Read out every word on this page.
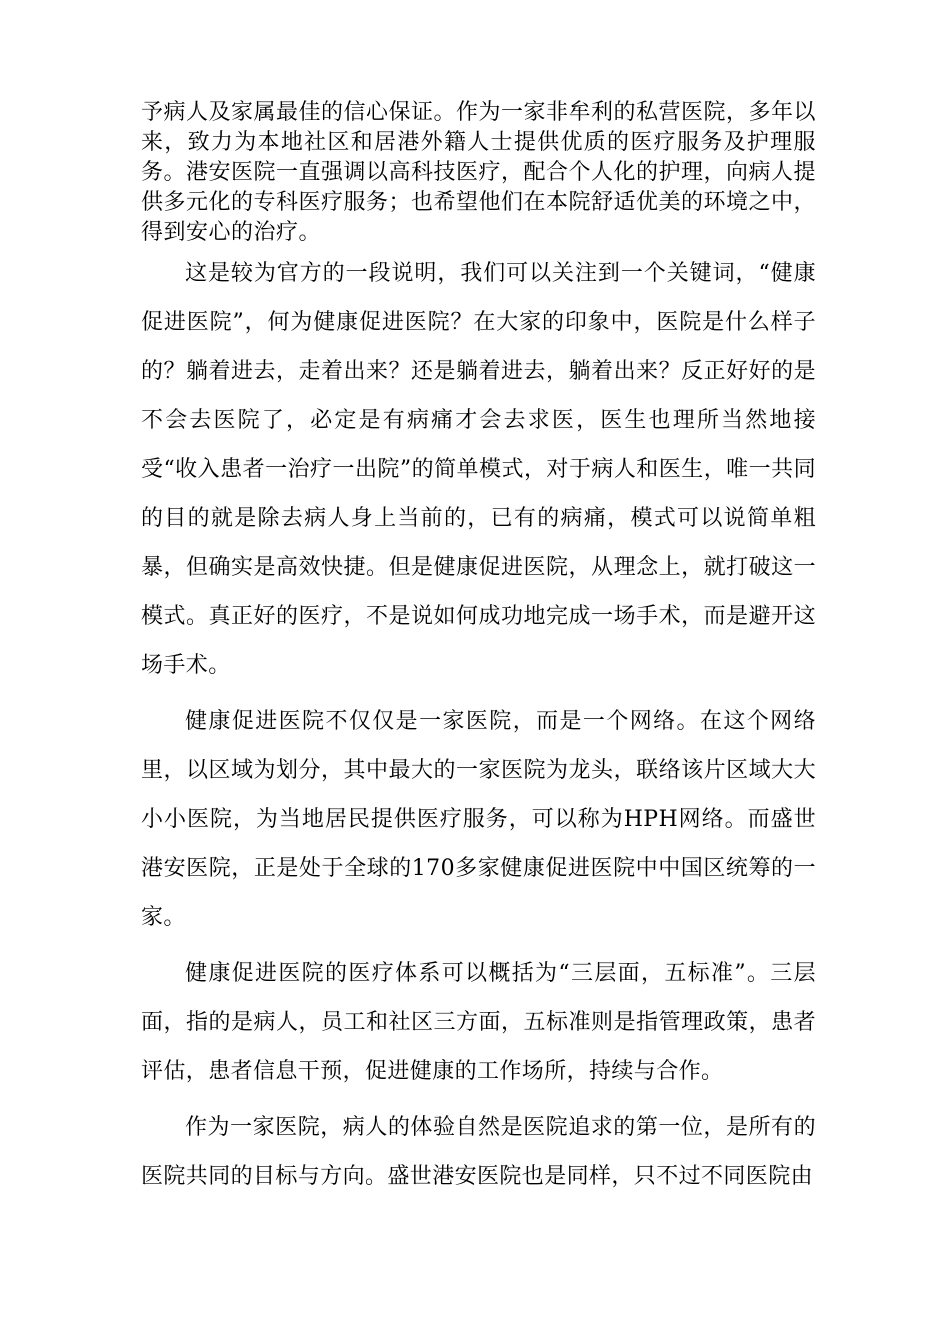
予病人及家属最佳的信心保证。作为一家非牟利的私营医院，多年以来，致力为本地社区和居港外籍人士提供优质的医疗服务及护理服务。港安医院一直强调以高科技医疗，配合个人化的护理，向病人提供多元化的专科医疗服务；也希望他们在本院舒适优美的环境之中，得到安心的治疗。

这是较为官方的一段说明，我们可以关注到一个关键词，“健康促进医院”，何为健康促进医院？在大家的印象中，医院是什么样子的？躺着进去，走着出来？还是躺着进去，躺着出来？反正好好的是不会去医院了，必定是有病痛才会去求医，医生也理所当然地接受“收入患者一治疗一出院”的简单模式，对于病人和医生，唯一共同的目的就是除去病人身上当前的，已有的病痛，模式可以说简单粗暴，但确实是高效快捷。但是健康促进医院，从理念上，就打破这一模式。真正好的医疗，不是说如何成功地完成一场手术，而是避开这场手术。

健康促进医院不仅仅是一家医院，而是一个网络。在这个网络里，以区域为划分，其中最大的一家医院为龙头，联络该片区域大大小小医院，为当地居民提供医疗服务，可以称为HPH网络。而盛世港安医院，正是处于全球的170多家健康促进医院中中国区统筹的一家。

健康促进医院的医疗体系可以概括为“三层面，五标准”。三层面，指的是病人，员工和社区三方面，五标准则是指管理政策，患者评估，患者信息干预，促进健康的工作场所，持续与合作。

作为一家医院，病人的体验自然是医院追求的第一位，是所有的医院共同的目标与方向。盛世港安医院也是同样，只不过不同医院由
